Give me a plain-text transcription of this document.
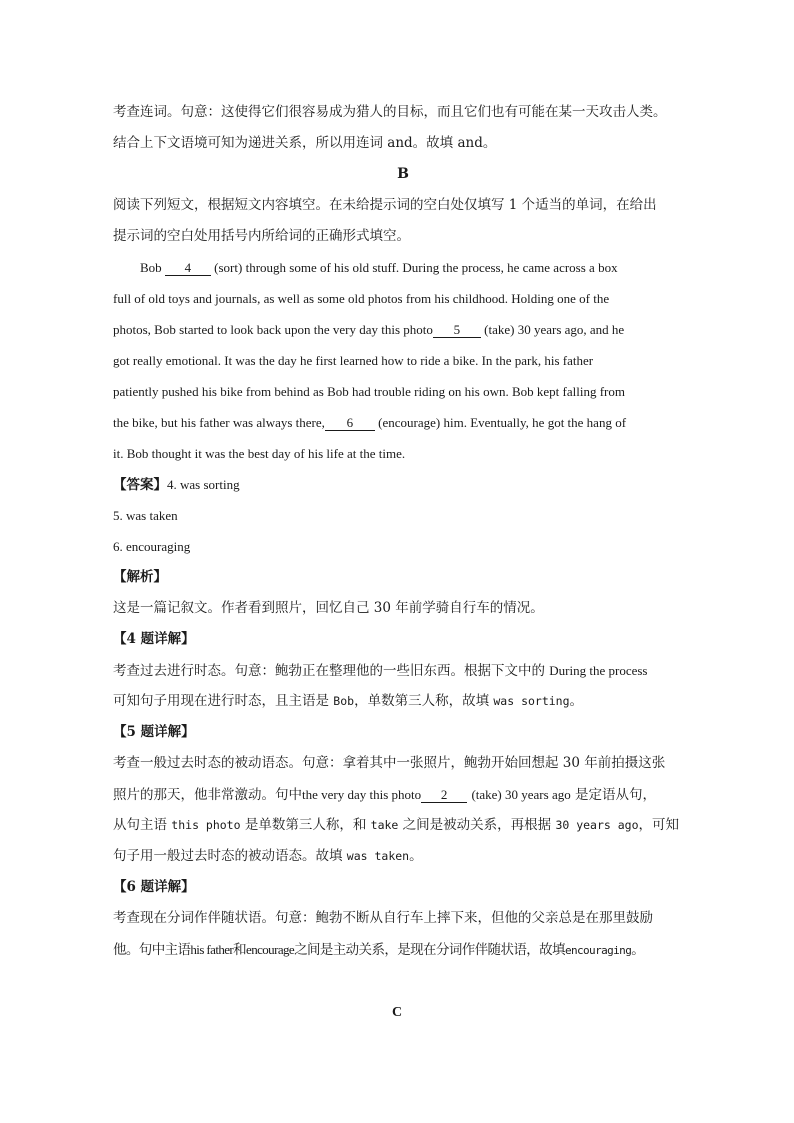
考查连词。句意：这使得它们很容易成为猎人的目标，而且它们也有可能在某一天攻击人类。
结合上下文语境可知为递进关系，所以用连词 and。故填 and。
B
阅读下列短文，根据短文内容填空。在未给提示词的空白处仅填写 1 个适当的单词，在给出
提示词的空白处用括号内所给词的正确形式填空。
Bob 4 (sort) through some of his old stuff. During the process, he came across a box
full of old toys and journals, as well as some old photos from his childhood. Holding one of the
photos, Bob started to look back upon the very day this photo 5 (take) 30 years ago, and he
got really emotional. It was the day he first learned how to ride a bike. In the park, his father
patiently pushed his bike from behind as Bob had trouble riding on his own. Bob kept falling from
the bike, but his father was always there, 6 (encourage) him. Eventually, he got the hang of
it. Bob thought it was the best day of his life at the time.
【答案】4. was sorting
5. was taken
6. encouraging
【解析】
这是一篇记叙文。作者看到照片，回忆自己 30 年前学骑自行车的情况。
【4 题详解】
考查过去进行时态。句意：鲍勃正在整理他的一些旧东西。根据下文中的 During the process
可知句子用现在进行时态，且主语是 Bob，单数第三人称，故填 was sorting。
【5 题详解】
考查一般过去时态的被动语态。句意：拿着其中一张照片，鲍勃开始回想起 30 年前拍摄这张
照片的那天，他非常激动。句中the very day this photo 2 (take) 30 years ago 是定语从句，
从句主语 this photo 是单数第三人称，和 take 之间是被动关系，再根据 30 years ago，可知
句子用一般过去时态的被动语态。故填 was taken。
【6 题详解】
考查现在分词作伴随状语。句意：鲍勃不断从自行车上摔下来，但他的父亲总是在那里鼓励
他。句中主语his father和encourage之间是主动关系，是现在分词作伴随状语，故填encouraging。
C
